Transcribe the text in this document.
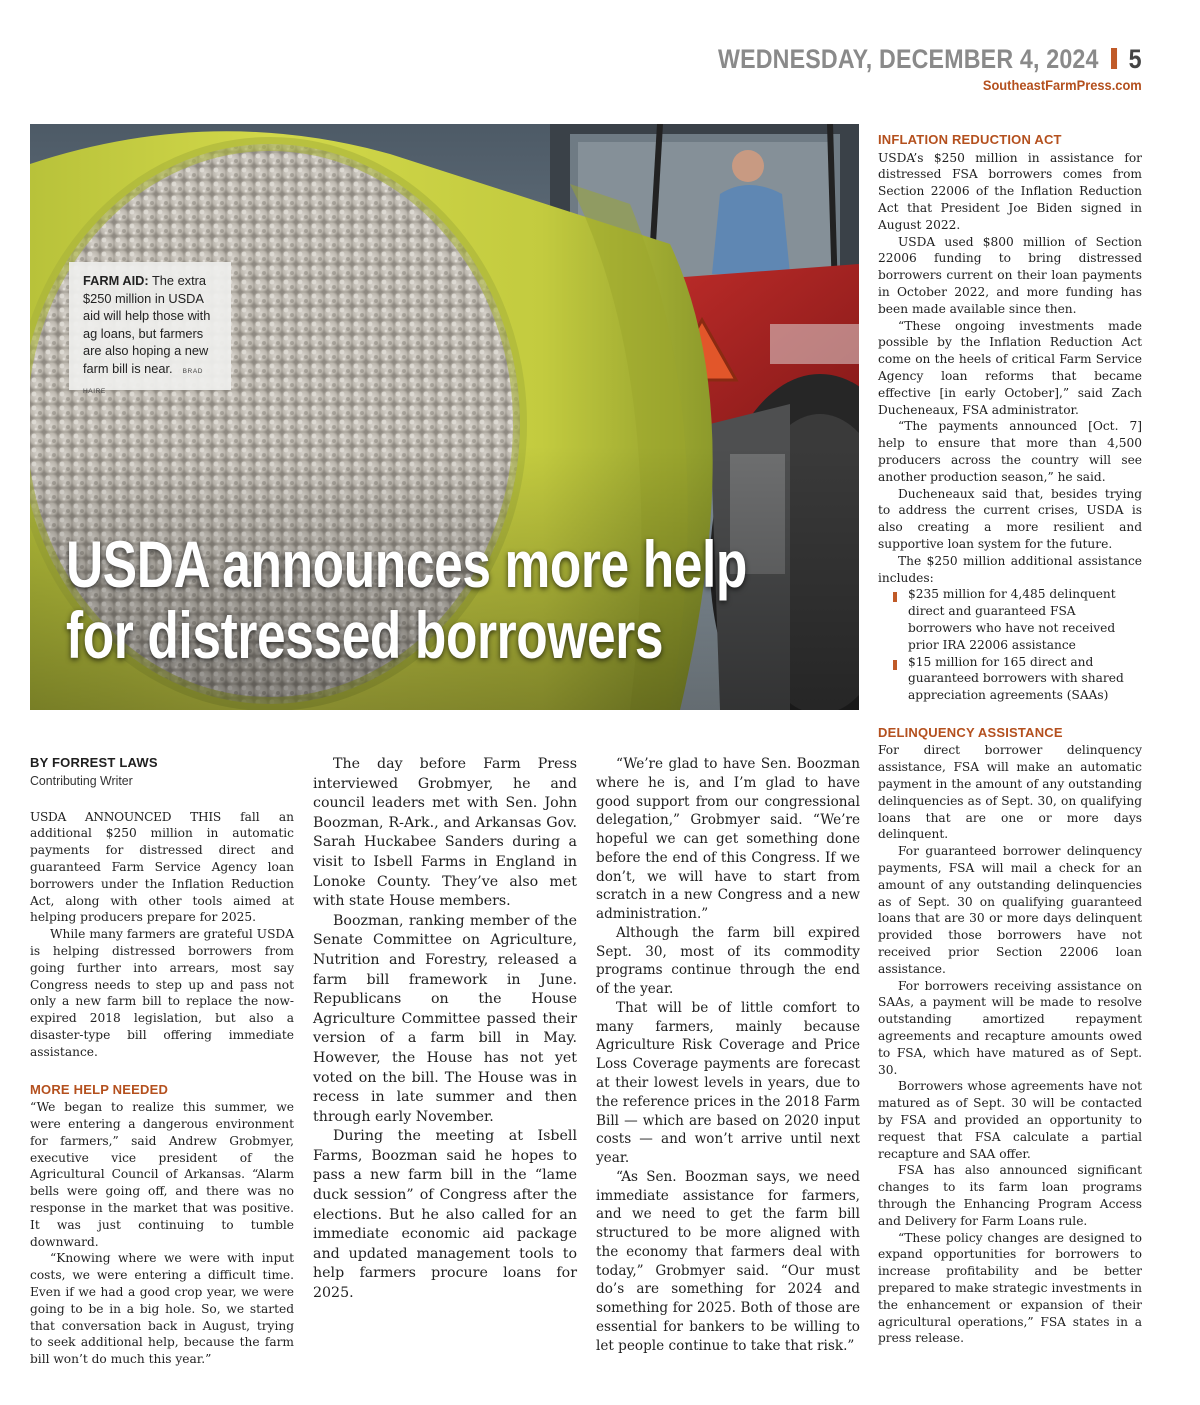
WEDNESDAY, DECEMBER 4, 2024 5
SoutheastFarmPress.com
FARM AID: The extra $250 million in USDA aid will help those with ag loans, but farmers are also hoping a new farm bill is near. BRAD HAIRE
USDA announces more help
for distressed borrowers
BY FORREST LAWS
Contributing Writer

USDA ANNOUNCED THIS fall an additional $250 million in automatic payments for distressed direct and guaranteed Farm Service Agency loan borrowers under the Inflation Reduction Act, along with other tools aimed at helping producers prepare for 2025.

While many farmers are grateful USDA is helping distressed borrowers from going further into arrears, most say Congress needs to step up and pass not only a new farm bill to replace the now-expired 2018 legislation, but also a disaster-type bill offering immediate assistance.

MORE HELP NEEDED

“We began to realize this summer, we were entering a dangerous environment for farmers,” said Andrew Grobmyer, executive vice president of the Agricultural Council of Arkansas. “Alarm bells were going off, and there was no response in the market that was positive. It was just continuing to tumble downward.

“Knowing where we were with input costs, we were entering a difficult time. Even if we had a good crop year, we were going to be in a big hole. So, we started that conversation back in August, trying to seek additional help, because the farm bill won’t do much this year.”

The day before Farm Press interviewed Grobmyer, he and council leaders met with Sen. John Boozman, R-Ark., and Arkansas Gov. Sarah Huckabee Sanders during a visit to Isbell Farms in England in Lonoke County. They’ve also met with state House members.

Boozman, ranking member of the Senate Committee on Agriculture, Nutrition and Forestry, released a farm bill framework in June. Republicans on the House Agriculture Committee passed their version of a farm bill in May. However, the House has not yet voted on the bill. The House was in recess in late summer and then through early November.

During the meeting at Isbell Farms, Boozman said he hopes to pass a new farm bill in the “lame duck session” of Congress after the elections. But he also called for an immediate economic aid package and updated management tools to help farmers procure loans for 2025.

“We’re glad to have Sen. Boozman where he is, and I’m glad to have good support from our congressional delegation,” Grobmyer said. “We’re hopeful we can get something done before the end of this Congress. If we don’t, we will have to start from scratch in a new Congress and a new administration.”

Although the farm bill expired Sept. 30, most of its commodity programs continue through the end of the year.

That will be of little comfort to many farmers, mainly because Agriculture Risk Coverage and Price Loss Coverage payments are forecast at their lowest levels in years, due to the reference prices in the 2018 Farm Bill — which are based on 2020 input costs — and won’t arrive until next year.

“As Sen. Boozman says, we need immediate assistance for farmers, and we need to get the farm bill structured to be more aligned with the economy that farmers deal with today,” Grobmyer said. “Our must do’s are something for 2024 and something for 2025. Both of those are essential for bankers to be willing to let people continue to take that risk.”

INFLATION REDUCTION ACT

USDA’s $250 million in assistance for distressed FSA borrowers comes from Section 22006 of the Inflation Reduction Act that President Joe Biden signed in August 2022.

USDA used $800 million of Section 22006 funding to bring distressed borrowers current on their loan payments in October 2022, and more funding has been made available since then.

“These ongoing investments made possible by the Inflation Reduction Act come on the heels of critical Farm Service Agency loan reforms that became effective [in early October],” said Zach Ducheneaux, FSA administrator.

“The payments announced [Oct. 7] help to ensure that more than 4,500 producers across the country will see another production season,” he said.

Ducheneaux said that, besides trying to address the current crises, USDA is also creating a more resilient and supportive loan system for the future.

The $250 million additional assistance includes:

$235 million for 4,485 delinquent direct and guaranteed FSA borrowers who have not received prior IRA 22006 assistance
$15 million for 165 direct and guaranteed borrowers with shared appreciation agreements (SAAs)
DELINQUENCY ASSISTANCE

For direct borrower delinquency assistance, FSA will make an automatic payment in the amount of any outstanding delinquencies as of Sept. 30, on qualifying loans that are one or more days delinquent.

For guaranteed borrower delinquency payments, FSA will mail a check for an amount of any outstanding delinquencies as of Sept. 30 on qualifying guaranteed loans that are 30 or more days delinquent provided those borrowers have not received prior Section 22006 loan assistance.

For borrowers receiving assistance on SAAs, a payment will be made to resolve outstanding amortized repayment agreements and recapture amounts owed to FSA, which have matured as of Sept. 30.

Borrowers whose agreements have not matured as of Sept. 30 will be contacted by FSA and provided an opportunity to request that FSA calculate a partial recapture and SAA offer.

FSA has also announced significant changes to its farm loan programs through the Enhancing Program Access and Delivery for Farm Loans rule.

“These policy changes are designed to expand opportunities for borrowers to increase profitability and be better prepared to make strategic investments in the enhancement or expansion of their agricultural operations,” FSA states in a press release.
